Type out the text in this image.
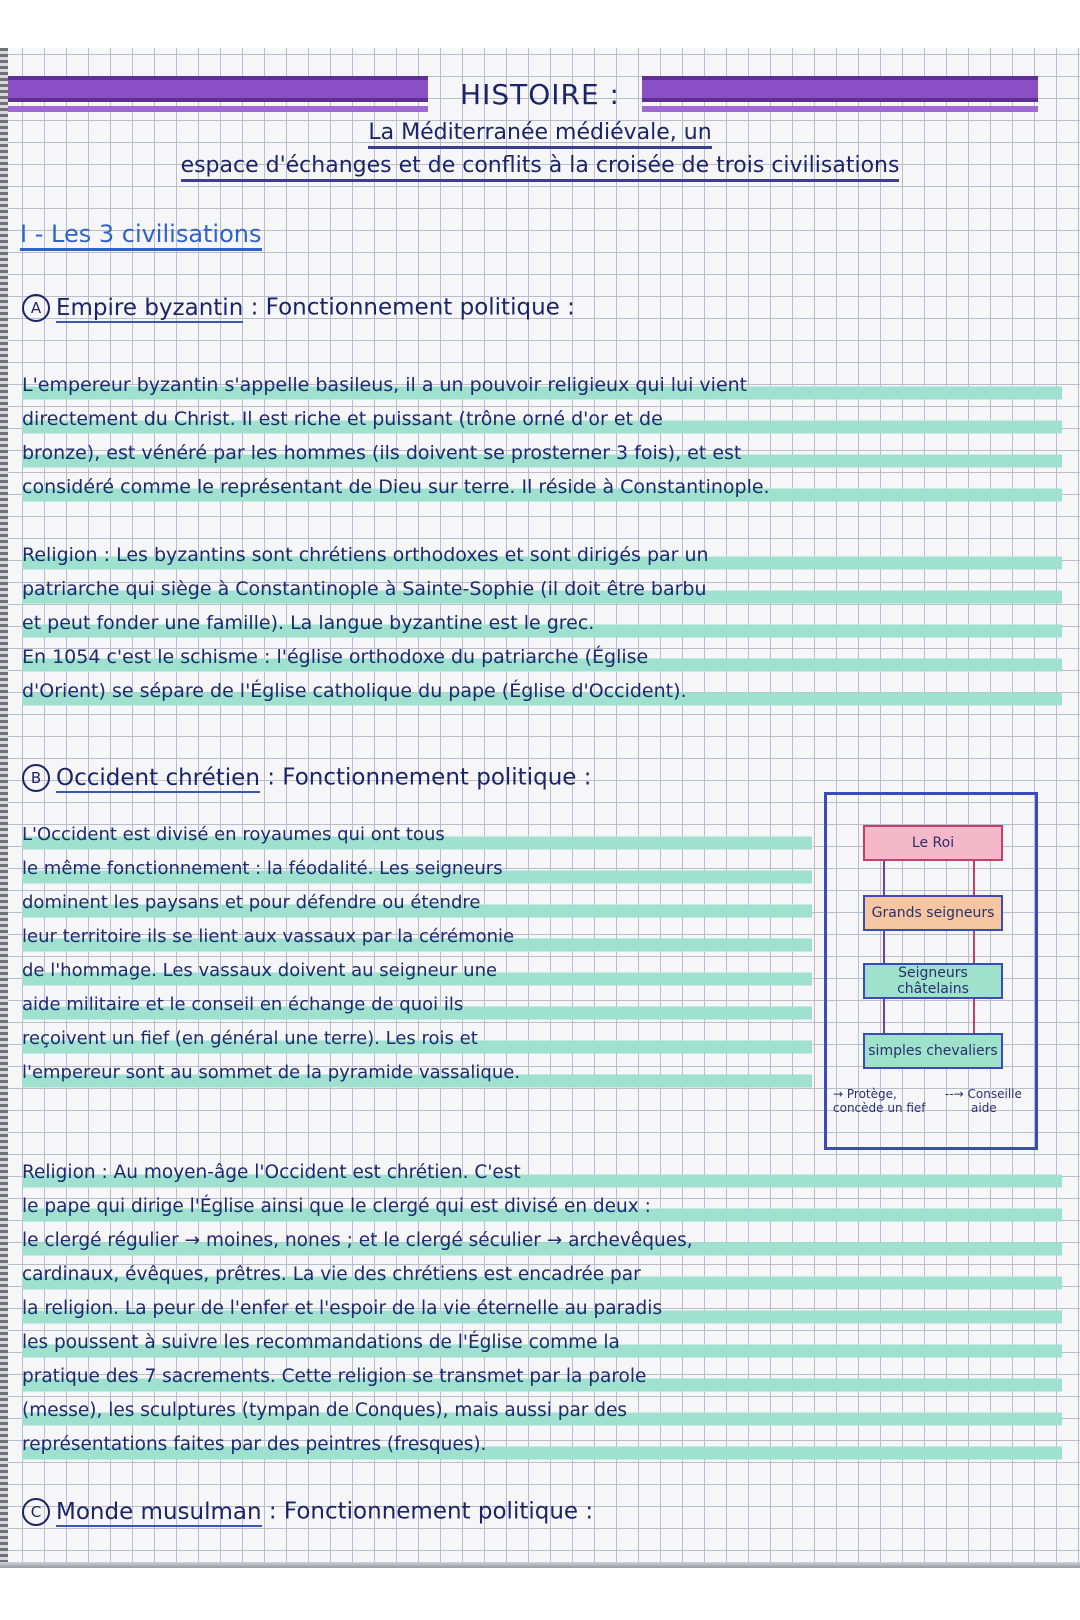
HISTOIRE :
La Méditerranée médiévale, un
espace d'échanges et de conflits à la croisée de trois civilisations
I - Les 3 civilisations
A Empire byzantin : Fonctionnement politique :
L'empereur byzantin s'appelle basileus, il a un pouvoir religieux qui lui vient
directement du Christ. Il est riche et puissant (trône orné d'or et de
bronze), est vénéré par les hommes (ils doivent se prosterner 3 fois), et est
considéré comme le représentant de Dieu sur terre. Il réside à Constantinople.
Religion : Les byzantins sont chrétiens orthodoxes et sont dirigés par un
patriarche qui siège à Constantinople à Sainte-Sophie (il doit être barbu
et peut fonder une famille). La langue byzantine est le grec.
En 1054 c'est le schisme : l'église orthodoxe du patriarche (Église
d'Orient) se sépare de l'Église catholique du pape (Église d'Occident).
B Occident chrétien : Fonctionnement politique :
L'Occident est divisé en royaumes qui ont tous
le même fonctionnement : la féodalité. Les seigneurs
dominent les paysans et pour défendre ou étendre
leur territoire ils se lient aux vassaux par la cérémonie
de l'hommage. Les vassaux doivent au seigneur une
aide militaire et le conseil en échange de quoi ils
reçoivent un fief (en général une terre). Les rois et
l'empereur sont au sommet de la pyramide vassalique.
Le Roi
Grands seigneurs
Seigneurs châtelains
simples chevaliers
→ Protège,
concède un fief
--→ Conseille
aide
Religion : Au moyen-âge l'Occident est chrétien. C'est
le pape qui dirige l'Église ainsi que le clergé qui est divisé en deux :
le clergé régulier → moines, nones ; et le clergé séculier → archevêques,
cardinaux, évêques, prêtres. La vie des chrétiens est encadrée par
la religion. La peur de l'enfer et l'espoir de la vie éternelle au paradis
les poussent à suivre les recommandations de l'Église comme la
pratique des 7 sacrements. Cette religion se transmet par la parole
(messe), les sculptures (tympan de Conques), mais aussi par des
représentations faites par des peintres (fresques).
C Monde musulman : Fonctionnement politique :
